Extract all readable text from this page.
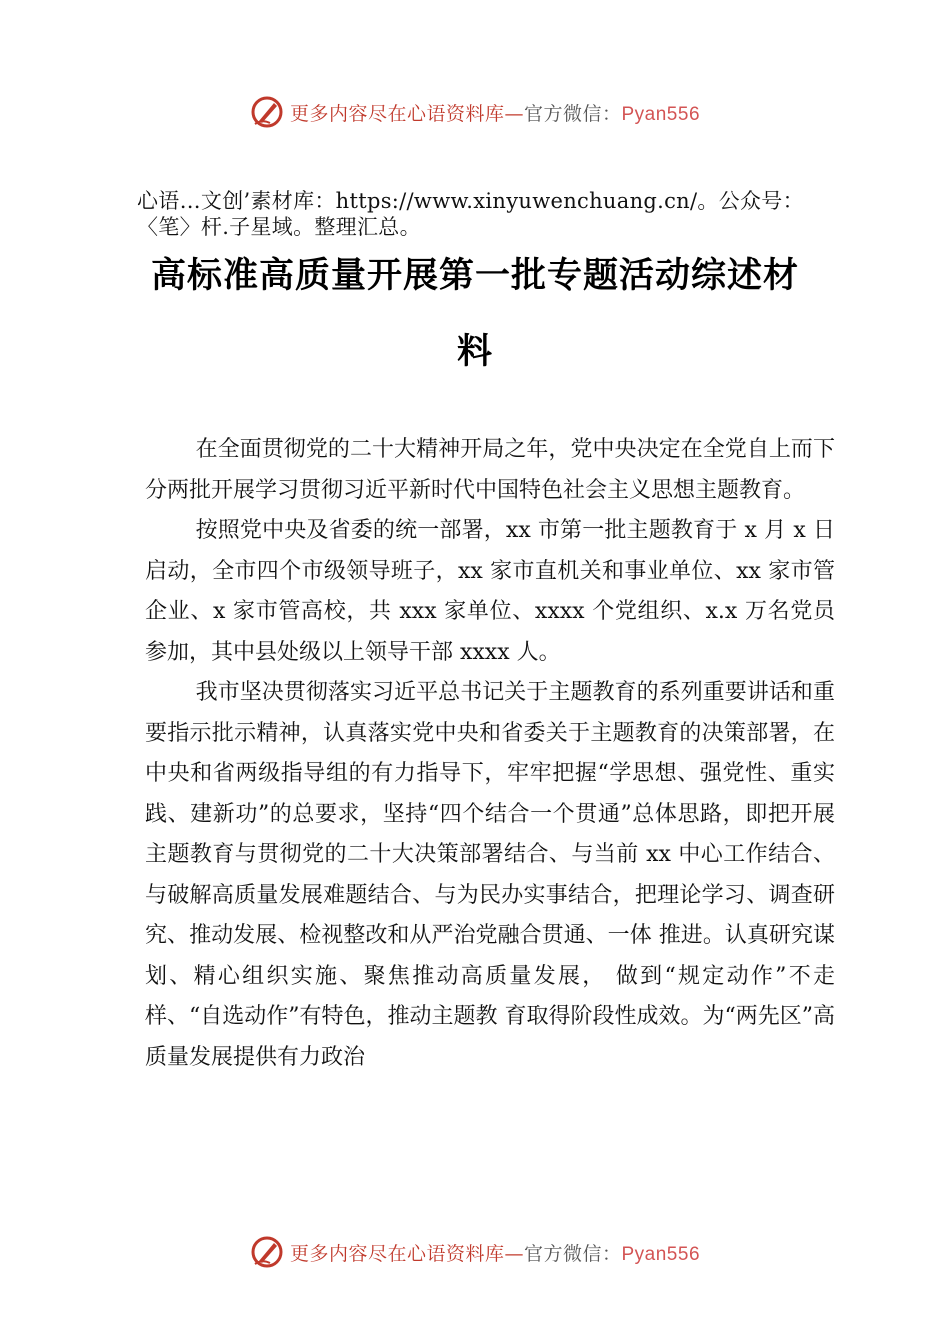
更多内容尽在心语资料库—官方微信：Pyan556
心语…文创’素材库：https://www.xinyuwenchuang.cn/。公众号：〈笔〉杆.子星域。整理汇总。
高标准高质量开展第一批专题活动综述材料

在全面贯彻党的二十大精神开局之年，党中央决定在全党自上而下分两批开展学习贯彻习近平新时代中国特色社会主义思想主题教育。

按照党中央及省委的统一部署，xx 市第一批主题教育于 x 月 x 日启动，全市四个市级领导班子，xx 家市直机关和事业单位、xx 家市管企业、x 家市管高校，共 xxx 家单位、xxxx 个党组织、x.x 万名党员参加，其中县处级以上领导干部 xxxx 人。

我市坚决贯彻落实习近平总书记关于主题教育的系列重要讲话和重要指示批示精神，认真落实党中央和省委关于主题教育的决策部署，在中央和省两级指导组的有力指导下，牢牢把握“学思想、强党性、重实践、建新功”的总要求，坚持“四个结合一个贯通”总体思路，即把开展主题教育与贯彻党的二十大决策部署结合、与当前 xx 中心工作结合、与破解高质量发展难题结合、与为民办实事结合，把理论学习、调查研究、推动发展、检视整改和从严治党融合贯通、一体 推进。认真研究谋划、精心组织实施、聚焦推动高质量发展， 做到“规定动作”不走样、“自选动作”有特色，推动主题教 育取得阶段性成效。为“两先区”高质量发展提供有力政治

更多内容尽在心语资料库—官方微信：Pyan556
